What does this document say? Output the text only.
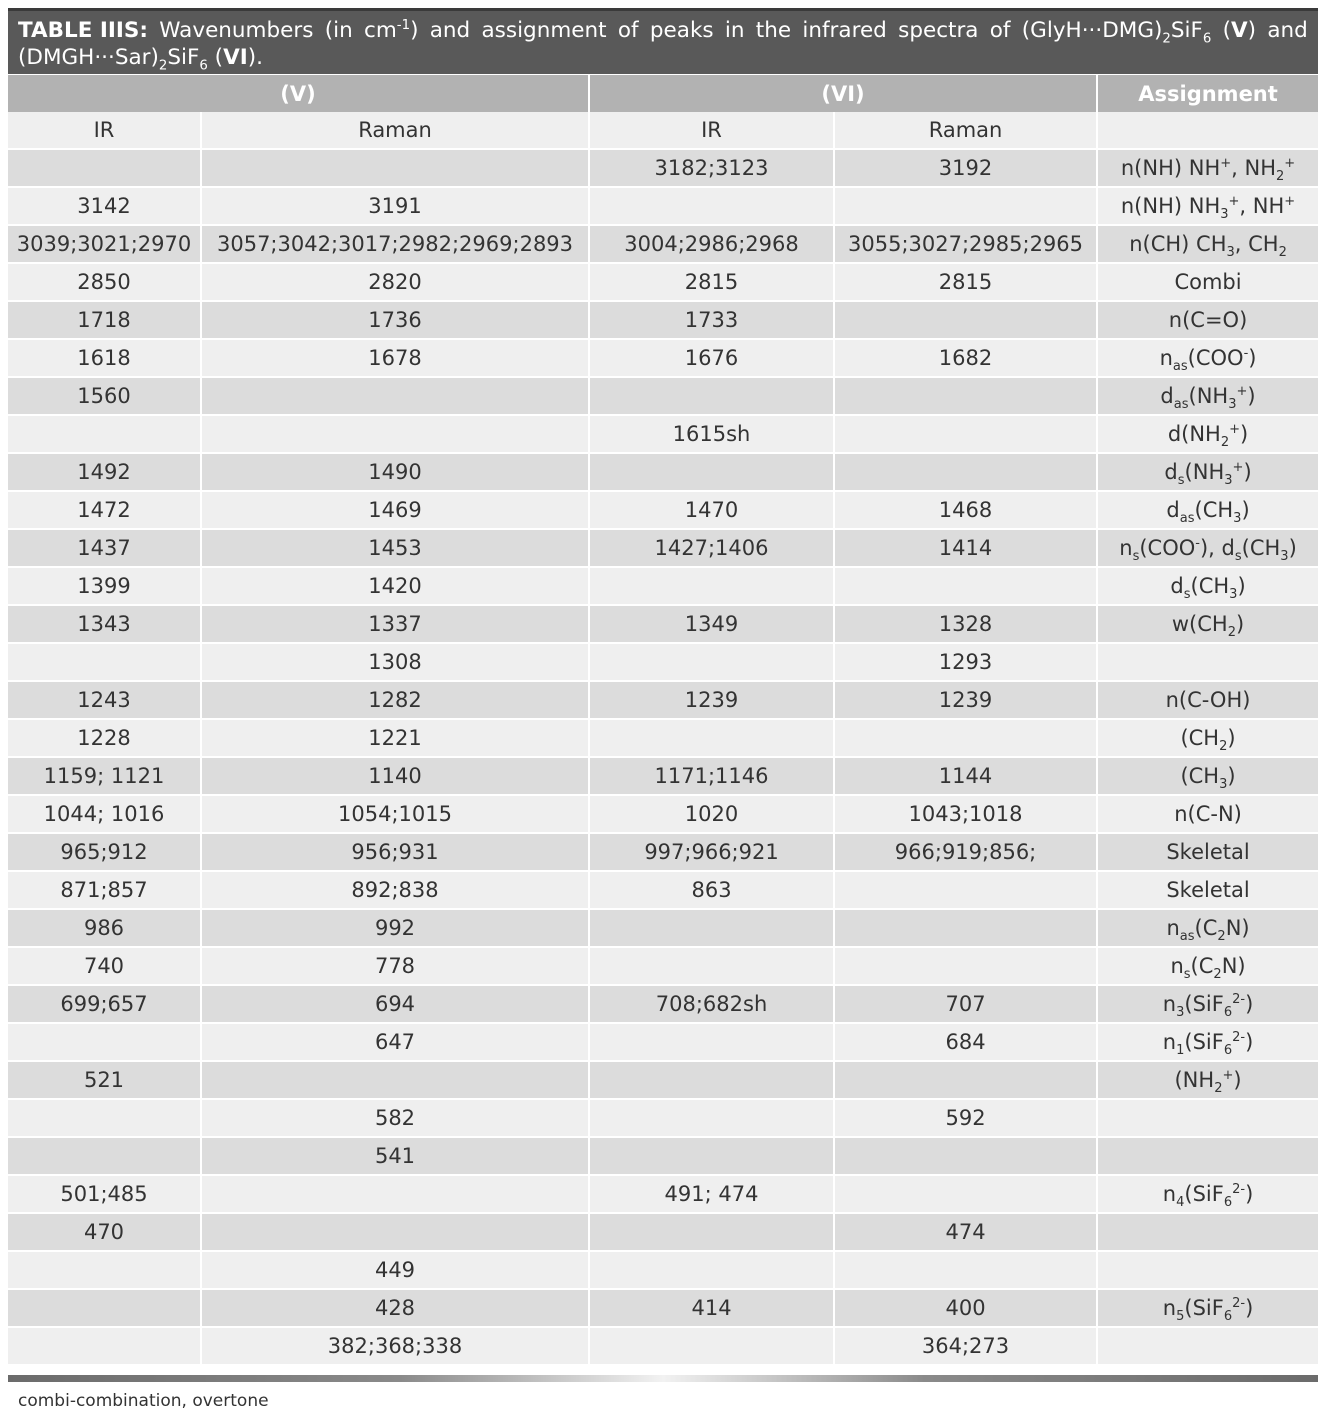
TABLE IIIS: Wavenumbers (in $cm^{-1}$) and assignment of peaks in the infrared spectra of $(GlyH\cdot\cdot\cdot DMG)_2SiF_6$ (V) and
$(DMGH\cdot\cdot\cdot Sar)_2SiF_6$ (VI).
(V)		(VI)		Assignment
IR	Raman	IR	Raman	
		3182;3123	3192	n(NH) NH+, $NH_2^+$
3142	3191			n(NH) $NH_3^+$, NH+
3039;3021;2970	3057;3042;3017;2982;2969;2893	3004;2986;2968	3055;3027;2985;2965	n(CH) $CH_3$, $CH_2$
2850	2820	2815	2815	Combi
1718	1736	1733		n(C=O)
1618	1678	1676	1682	$n_{as}(COO^-)$
1560				$d_{as}(NH_3^+)$
		1615sh		$d(NH_2^+)$
1492	1490			$d_s(NH_3^+)$
1472	1469	1470	1468	$d_{as}(CH_3)$
1437	1453	1427;1406	1414	$n_s(COO^-)$, $d_s(CH_3)$
1399	1420			$d_s(CH_3)$
1343	1337	1349	1328	$w(CH_2)$
	1308		1293	
1243	1282	1239	1239	n(C-OH)
1228	1221			$(CH_2)$
1159; 1121	1140	1171;1146	1144	$(CH_3)$
1044; 1016	1054;1015	1020	1043;1018	n(C-N)
965;912	956;931	997;966;921	966;919;856;	Skeletal
871;857	892;838	863		Skeletal
986	992			$n_{as}(C_2N)$
740	778			$n_s(C_2N)$
699;657	694	708;682sh	707	$n_3(SiF_6^{2-})$
	647		684	$n_1(SiF_6^{2-})$
521				$(NH_2^+)$
	582		592	
	541			
501;485		491; 474		$n_4(SiF_6^{2-})$
470			474	
	449			
	428	414	400	$n_5(SiF_6^{2-})$
	382;368;338		364;273	
combi-combination, overtone
